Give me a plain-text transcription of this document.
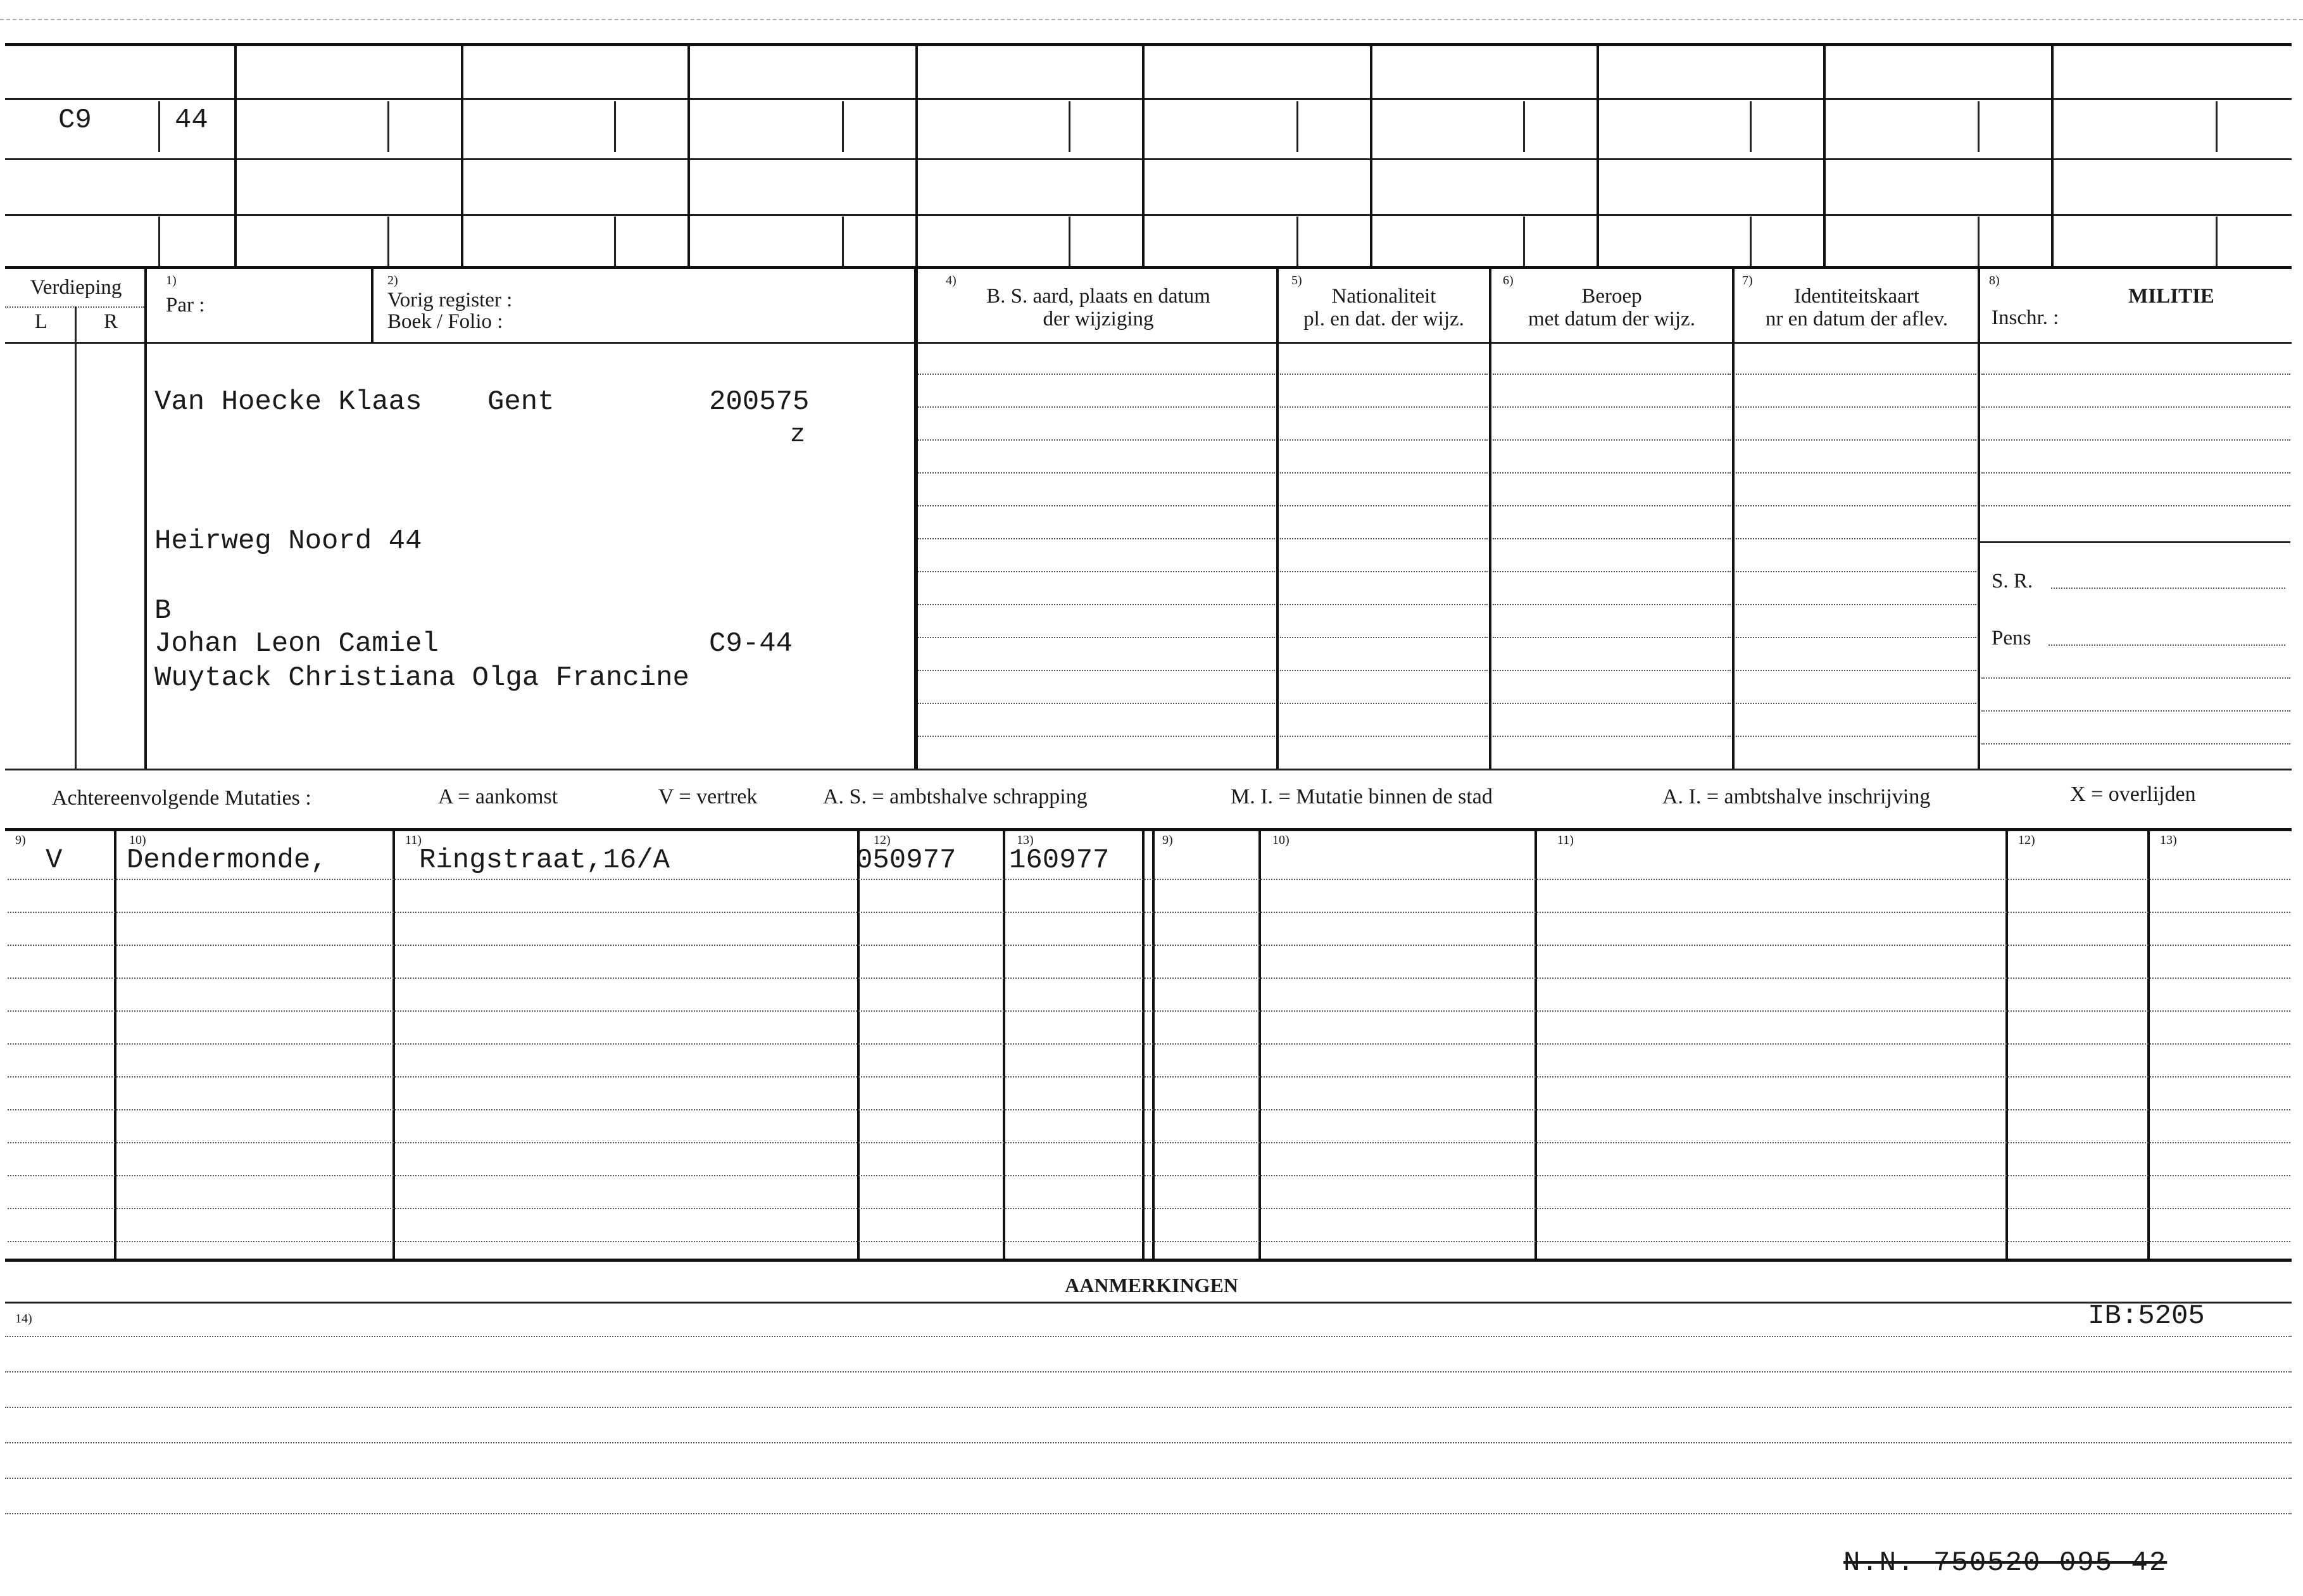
C9	44
Verdieping
L	R
1)
Par :
2)
Vorig register :
Boek / Folio :
4)
B. S. aard, plaats en datum
der wijziging
5)
Nationaliteit
pl. en dat. der wijz.
6)
Beroep
met datum der wijz.
7)
Identiteitskaart
nr en datum der aflev.
8)
MILITIE
Inschr. :
S. R.
Pens
Van Hoecke Klaas Gent	200575
z
Heirweg Noord 44
B
Johan Leon Camiel	C9-44
Wuytack Christiana Olga Francine
Achtereenvolgende Mutaties :	A = aankomst	V = vertrek	A. S. = ambtshalve schrapping	M. I. = Mutatie binnen de stad	A. I. = ambtshalve inschrijving	X = overlijden
9)	10)	11)	12)	13)	9)	10)	11)	12)	13)
V Dendermonde,	Ringstraat,16/A	050977 160977
AANMERKINGEN
14)	IB:5205
N.N. 750520 095 42
